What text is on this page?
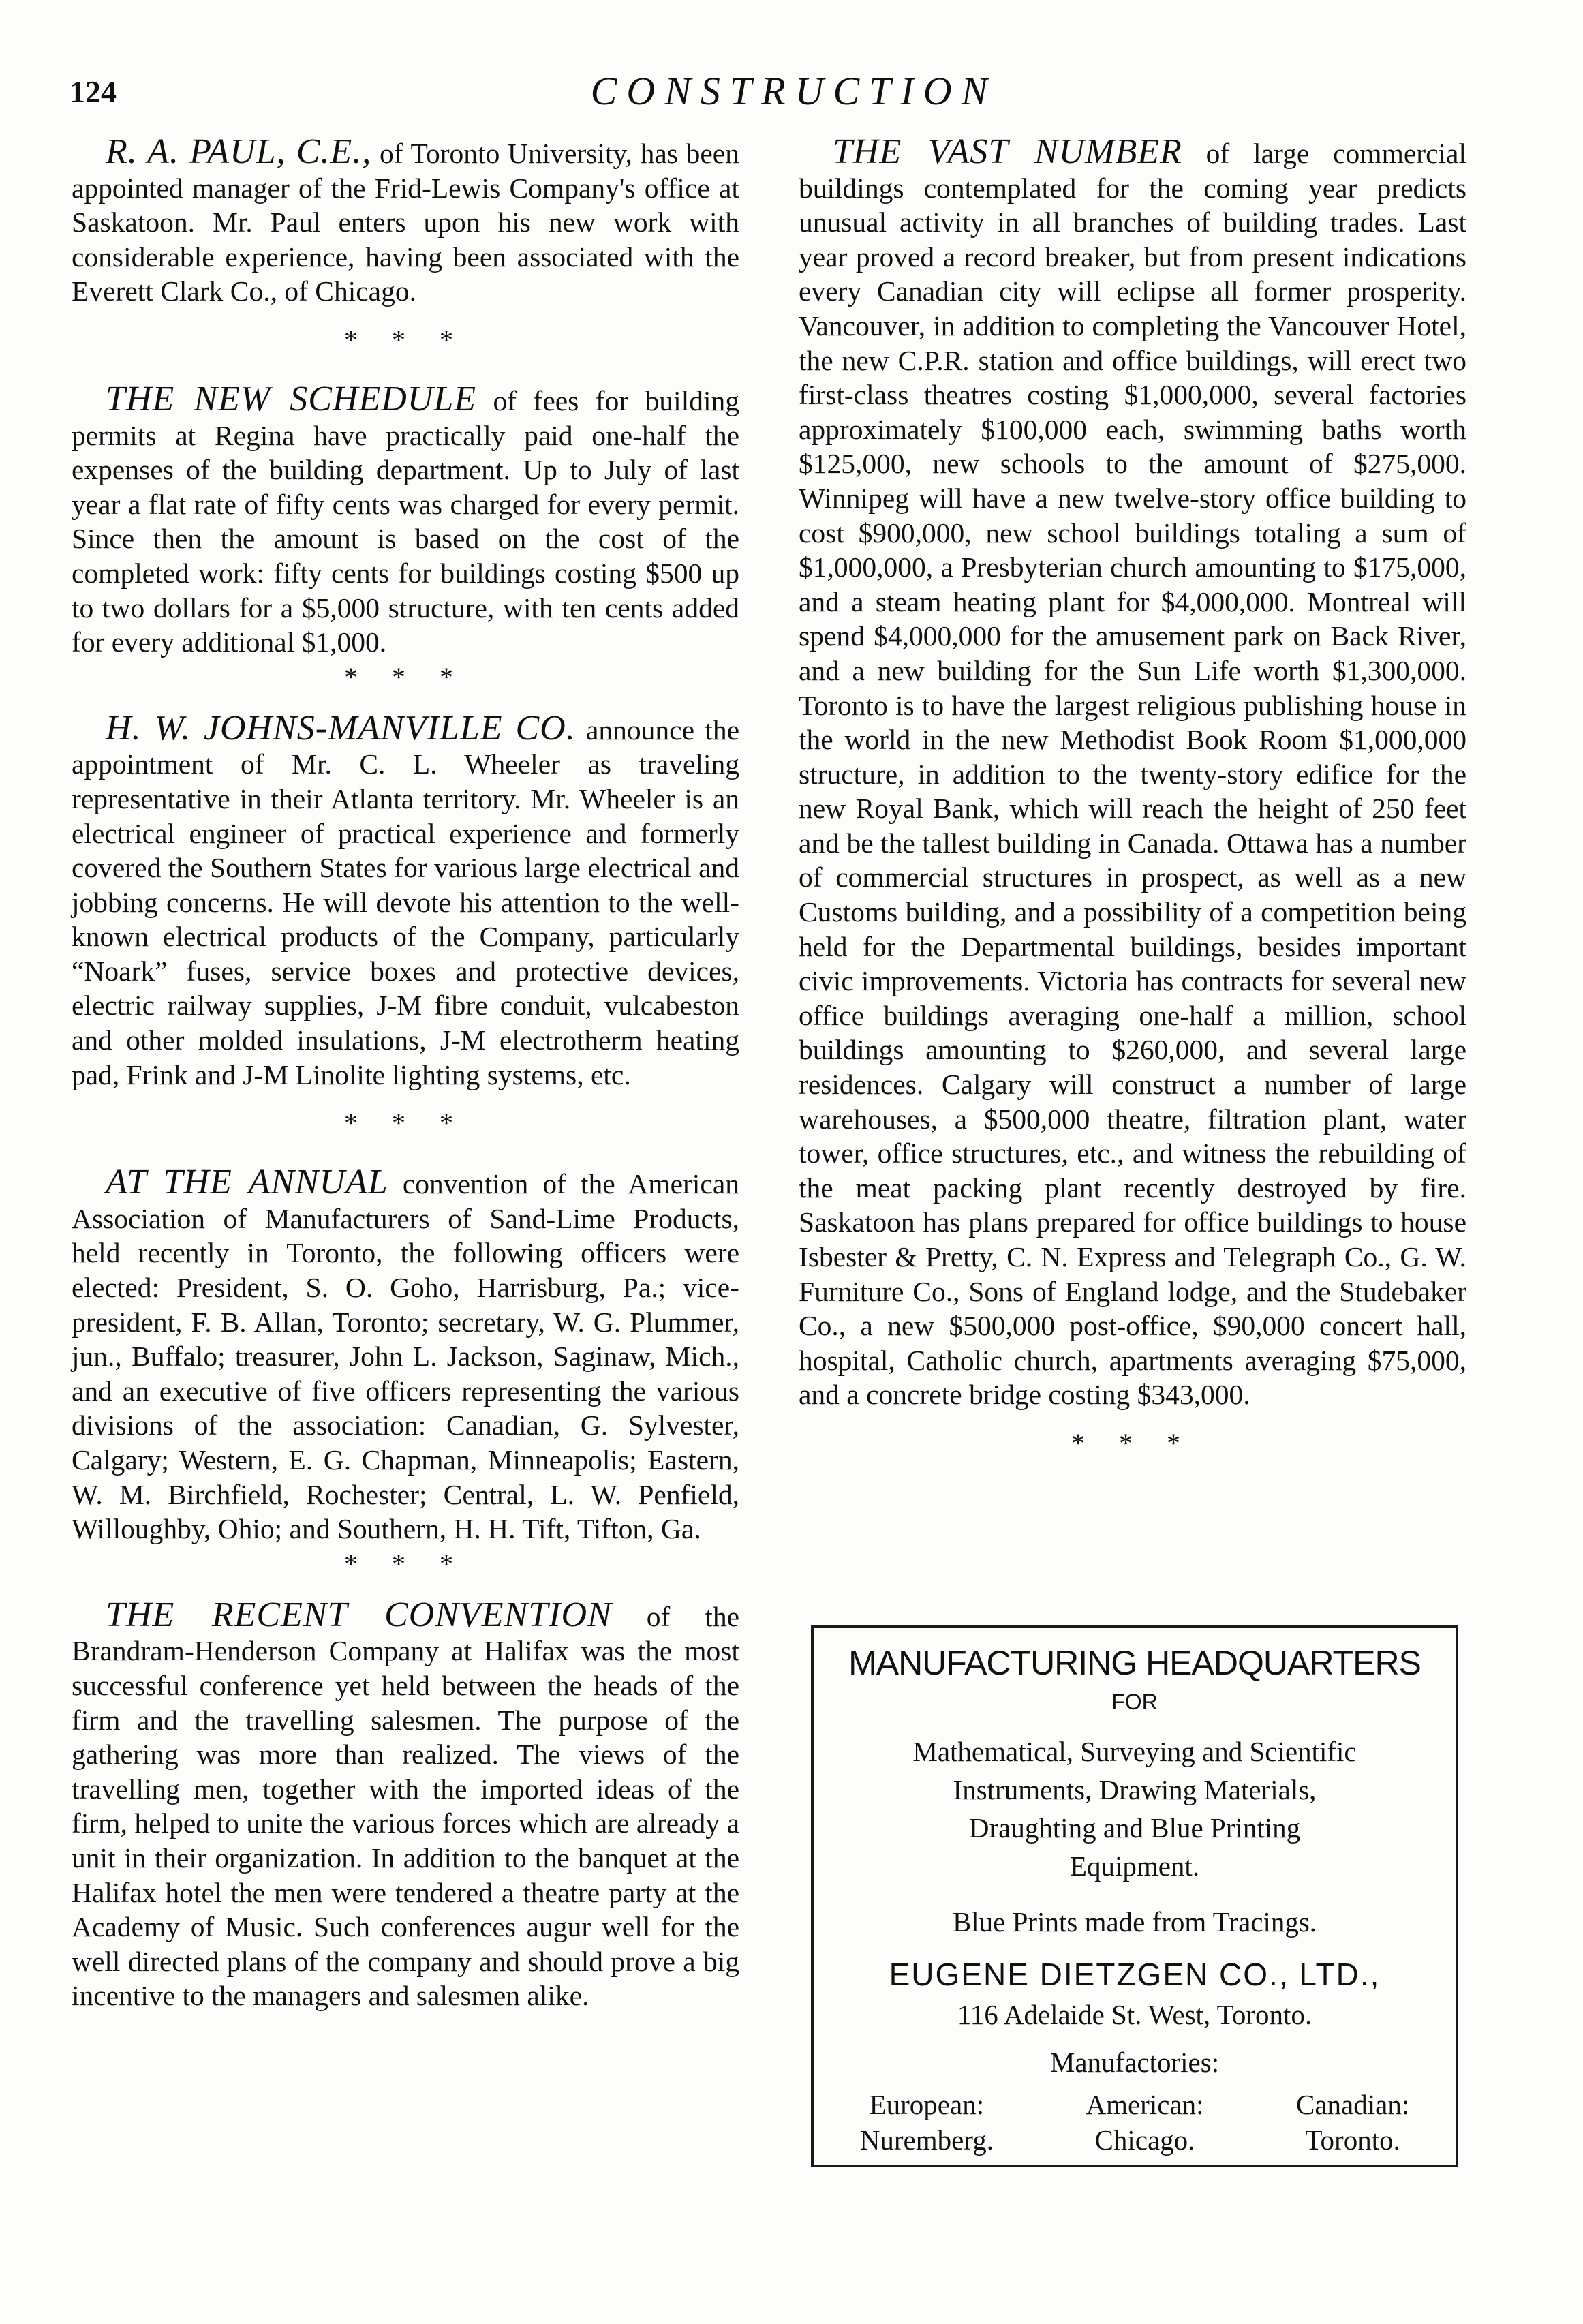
124	CONSTRUCTION

R. A. PAUL, C.E., of Toronto University, has been appointed manager of the Frid-Lewis Company's office at Saskatoon. Mr. Paul enters upon his new work with considerable experience, having been associated with the Everett Clark Co., of Chicago.

* * *

THE NEW SCHEDULE of fees for building permits at Regina have practically paid one-half the expenses of the building department. Up to July of last year a flat rate of fifty cents was charged for every permit. Since then the amount is based on the cost of the completed work: fifty cents for buildings costing $500 up to two dollars for a $5,000 structure, with ten cents added for every additional $1,000.

* * *

H. W. JOHNS-MANVILLE CO. announce the appointment of Mr. C. L. Wheeler as traveling representative in their Atlanta territory. Mr. Wheeler is an electrical engineer of practical experience and formerly covered the Southern States for various large electrical and jobbing concerns. He will devote his attention to the well-known electrical products of the Company, particularly “Noark” fuses, service boxes and protective devices, electric railway supplies, J-M fibre conduit, vulcabeston and other molded insulations, J-M electrotherm heating pad, Frink and J-M Linolite lighting systems, etc.

* * *

AT THE ANNUAL convention of the American Association of Manufacturers of Sand-Lime Products, held recently in Toronto, the following officers were elected: President, S. O. Goho, Harrisburg, Pa.; vice-president, F. B. Allan, Toronto; secretary, W. G. Plummer, jun., Buffalo; treasurer, John L. Jackson, Saginaw, Mich., and an executive of five officers representing the various divisions of the association: Canadian, G. Sylvester, Calgary; Western, E. G. Chapman, Minneapolis; Eastern, W. M. Birchfield, Rochester; Central, L. W. Penfield, Willoughby, Ohio; and Southern, H. H. Tift, Tifton, Ga.

* * *

THE RECENT CONVENTION of the Brandram-Henderson Company at Halifax was the most successful conference yet held between the heads of the firm and the travelling salesmen. The purpose of the gathering was more than realized. The views of the travelling men, together with the imported ideas of the firm, helped to unite the various forces which are already a unit in their organization. In addition to the banquet at the Halifax hotel the men were tendered a theatre party at the Academy of Music. Such conferences augur well for the well directed plans of the company and should prove a big incentive to the managers and salesmen alike.

THE VAST NUMBER of large commercial buildings contemplated for the coming year predicts unusual activity in all branches of building trades. Last year proved a record breaker, but from present indications every Canadian city will eclipse all former prosperity. Vancouver, in addition to completing the Vancouver Hotel, the new C.P.R. station and office buildings, will erect two first-class theatres costing $1,000,000, several factories approximately $100,000 each, swimming baths worth $125,000, new schools to the amount of $275,000. Winnipeg will have a new twelve-story office building to cost $900,000, new school buildings totaling a sum of $1,000,000, a Presbyterian church amounting to $175,000, and a steam heating plant for $4,000,000. Montreal will spend $4,000,000 for the amusement park on Back River, and a new building for the Sun Life worth $1,300,000. Toronto is to have the largest religious publishing house in the world in the new Methodist Book Room $1,000,000 structure, in addition to the twenty-story edifice for the new Royal Bank, which will reach the height of 250 feet and be the tallest building in Canada. Ottawa has a number of commercial structures in prospect, as well as a new Customs building, and a possibility of a competition being held for the Departmental buildings, besides important civic improvements. Victoria has contracts for several new office buildings averaging one-half a million, school buildings amounting to $260,000, and several large residences. Calgary will construct a number of large warehouses, a $500,000 theatre, filtration plant, water tower, office structures, etc., and witness the rebuilding of the meat packing plant recently destroyed by fire. Saskatoon has plans prepared for office buildings to house Isbester & Pretty, C. N. Express and Telegraph Co., G. W. Furniture Co., Sons of England lodge, and the Studebaker Co., a new $500,000 post-office, $90,000 concert hall, hospital, Catholic church, apartments averaging $75,000, and a concrete bridge costing $343,000.

* * *
MANUFACTURING HEADQUARTERS
FOR
Mathematical, Surveying and Scientific
Instruments, Drawing Materials,
Draughting and Blue Printing
Equipment.
Blue Prints made from Tracings.
EUGENE DIETZGEN CO., LTD.,
116 Adelaide St. West, Toronto.
Manufactories:
European:
Nuremberg.
American:
Chicago.
Canadian:
Toronto.
